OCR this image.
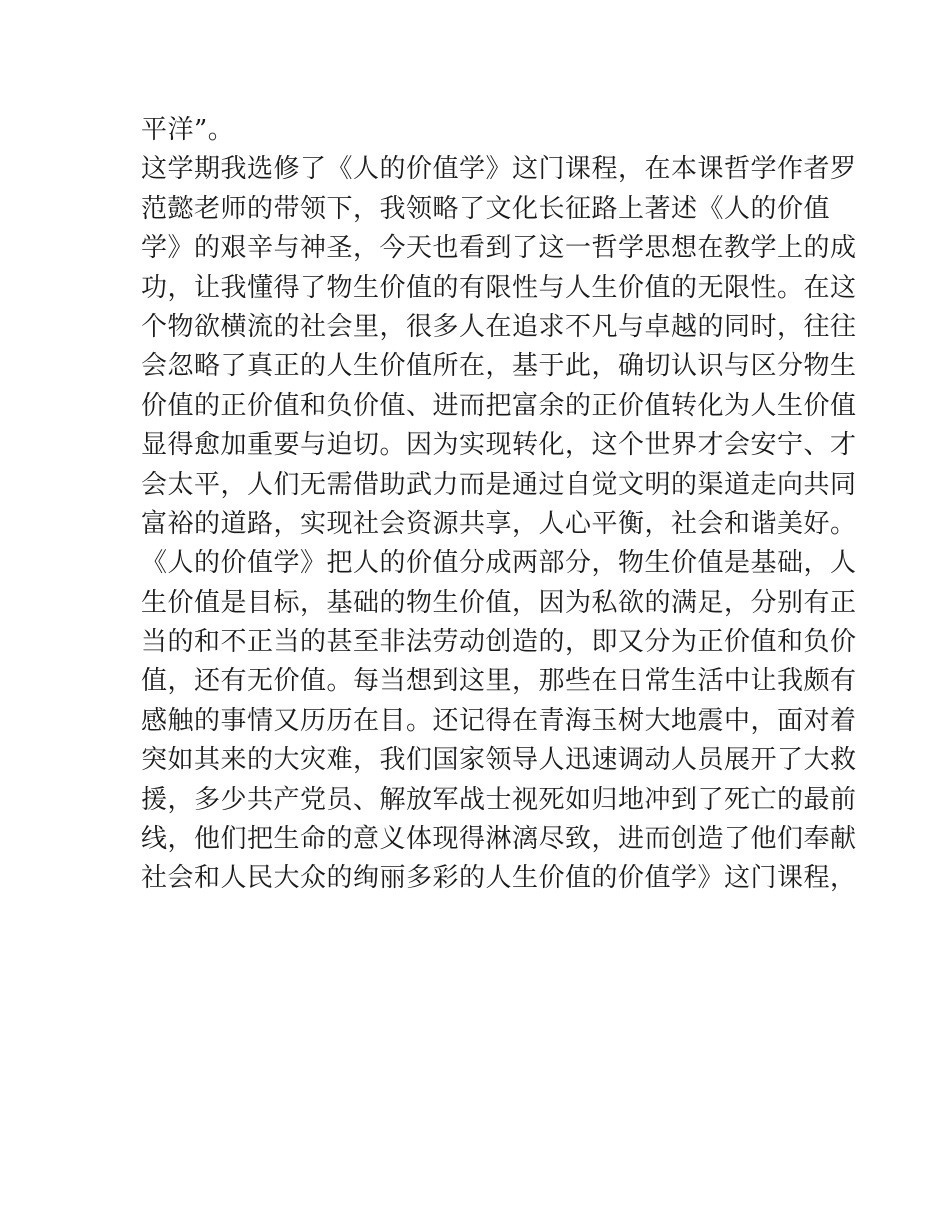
平洋”。
这学期我选修了《人的价值学》这门课程，在本课哲学作者罗
范懿老师的带领下，我领略了文化长征路上著述《人的价值
学》的艰辛与神圣，今天也看到了这一哲学思想在教学上的成
功，让我懂得了物生价值的有限性与人生价值的无限性。在这
个物欲横流的社会里，很多人在追求不凡与卓越的同时，往往
会忽略了真正的人生价值所在，基于此，确切认识与区分物生
价值的正价值和负价值、进而把富余的正价值转化为人生价值
显得愈加重要与迫切。因为实现转化，这个世界才会安宁、才
会太平，人们无需借助武力而是通过自觉文明的渠道走向共同
富裕的道路，实现社会资源共享，人心平衡，社会和谐美好。
《人的价值学》把人的价值分成两部分，物生价值是基础，人
生价值是目标，基础的物生价值，因为私欲的满足，分别有正
当的和不正当的甚至非法劳动创造的，即又分为正价值和负价
值，还有无价值。每当想到这里，那些在日常生活中让我颇有
感触的事情又历历在目。还记得在青海玉树大地震中，面对着
突如其来的大灾难，我们国家领导人迅速调动人员展开了大救
援，多少共产党员、解放军战士视死如归地冲到了死亡的最前
线，他们把生命的意义体现得淋漓尽致，进而创造了他们奉献
社会和人民大众的绚丽多彩的人生价值的价值学》这门课程，
